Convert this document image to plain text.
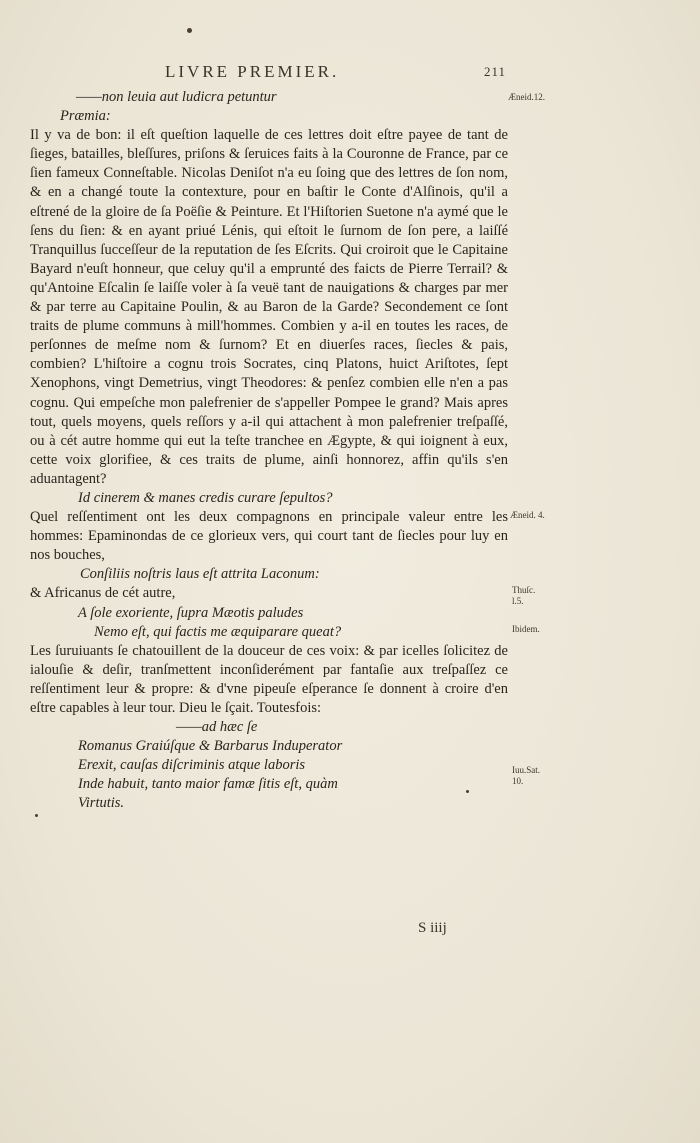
LIVRE PREMIER.	211

——non leuia aut ludicra petuntur

Præmia:

Il y va de bon: il eſt queſtion laquelle de ces lettres doit eſtre payee de tant de ſieges, batailles, bleſſures, priſons & ſeruices faits à la Couronne de France, par ce ſien fameux Conneſtable. Nicolas Deniſot n'a eu ſoing que des lettres de ſon nom, & en a changé toute la contexture, pour en baſtir le Conte d'Alſinois, qu'il a eſtrené de la gloire de ſa Poëſie & Peinture. Et l'Hiſtorien Suetone n'a aymé que le ſens du ſien: & en ayant priué Lénis, qui eſtoit le ſurnom de ſon pere, a laiſſé Tranquillus ſucceſſeur de la reputation de ſes Eſcrits. Qui croiroit que le Capitaine Bayard n'euſt honneur, que celuy qu'il a emprunté des faicts de Pierre Terrail? & qu'Antoine Eſcalin ſe laiſſe voler à ſa veuë tant de nauigations & charges par mer & par terre au Capitaine Poulin, & au Baron de la Garde? Secondement ce ſont traits de plume communs à mill'hommes. Combien y a-il en toutes les races, de perſonnes de meſme nom & ſurnom? Et en diuerſes races, ſiecles & pais, combien? L'hiſtoire a cognu trois Socrates, cinq Platons, huict Ariſtotes, ſept Xenophons, vingt Demetrius, vingt Theodores: & penſez combien elle n'en a pas cognu. Qui empeſche mon palefrenier de s'appeller Pompee le grand? Mais apres tout, quels moyens, quels reſſors y a-il qui attachent à mon palefrenier treſpaſſé, ou à cét autre homme qui eut la teſte tranchee en Ægypte, & qui ioignent à eux, cette voix glorifiee, & ces traits de plume, ainſi honnorez, affin qu'ils s'en aduantagent?

Id cinerem & manes credis curare ſepultos?

Quel reſſentiment ont les deux compagnons en principale valeur entre les hommes: Epaminondas de ce glorieux vers, qui court tant de ſiecles pour luy en nos bouches,

Conſiliis noſtris laus eſt attrita Laconum:

& Africanus de cét autre,

A ſole exoriente, ſupra Mæotis paludes

Nemo eſt, qui factis me æquiparare queat?

Les ſuruiuants ſe chatouillent de la douceur de ces voix: & par icelles ſolicitez de ialouſie & deſir, tranſmettent inconſiderément par fantaſie aux treſpaſſez ce reſſentiment leur & propre: & d'vne pipeuſe eſperance ſe donnent à croire d'en eſtre capables à leur tour. Dieu le ſçait. Toutesfois:

——ad hæc ſe

Romanus Graiúſque & Barbarus Induperator

Erexit, cauſas diſcriminis atque laboris

Inde habuit, tanto maior famæ ſitis eſt, quàm

Virtutis.

Æneid.12.
Æneid. 4.
Thuſc. l.5.
Ibidem.
Iuu.Sat. 10.
S iiij
